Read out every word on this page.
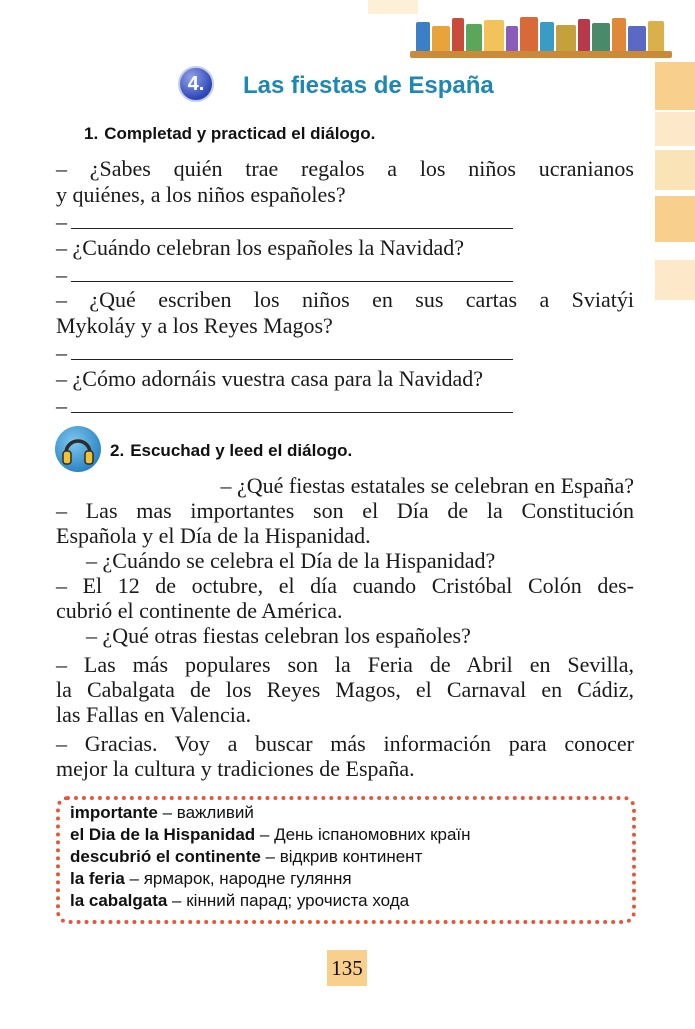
4.	Las fiestas de España
1. Completad y practicad el diálogo.
– ¿Sabes quién trae regalos a los niños ucranianos
y quiénes, a los niños españoles?
–
– ¿Cuándo celebran los españoles la Navidad?
–
– ¿Qué escriben los niños en sus cartas a Sviatýi
Mykoláy y a los Reyes Magos?
–
– ¿Cómo adornáis vuestra casa para la Navidad?
–
2. Escuchad y leed el diálogo.
– ¿Qué fiestas estatales se celebran en España?
– Las mas importantes son el Día de la Constitución
Española y el Día de la Hispanidad.
– ¿Cuándo se celebra el Día de la Hispanidad?
– El 12 de octubre, el día cuando Cristóbal Colón des-
cubrió el continente de América.
– ¿Qué otras fiestas celebran los españoles?
– Las más populares son la Feria de Abril en Sevilla,
la Cabalgata de los Reyes Magos, el Carnaval en Cádiz,
las Fallas en Valencia.
– Gracias. Voy a buscar más información para conocer
mejor la cultura y tradiciones de España.
importante – важливий
el Dia de la Hispanidad – День іспаномовних країн
descubrió el continente – відкрив континент
la feria – ярмарок, народне гуляння
la cabalgata – кінний парад; урочиста хода
135
